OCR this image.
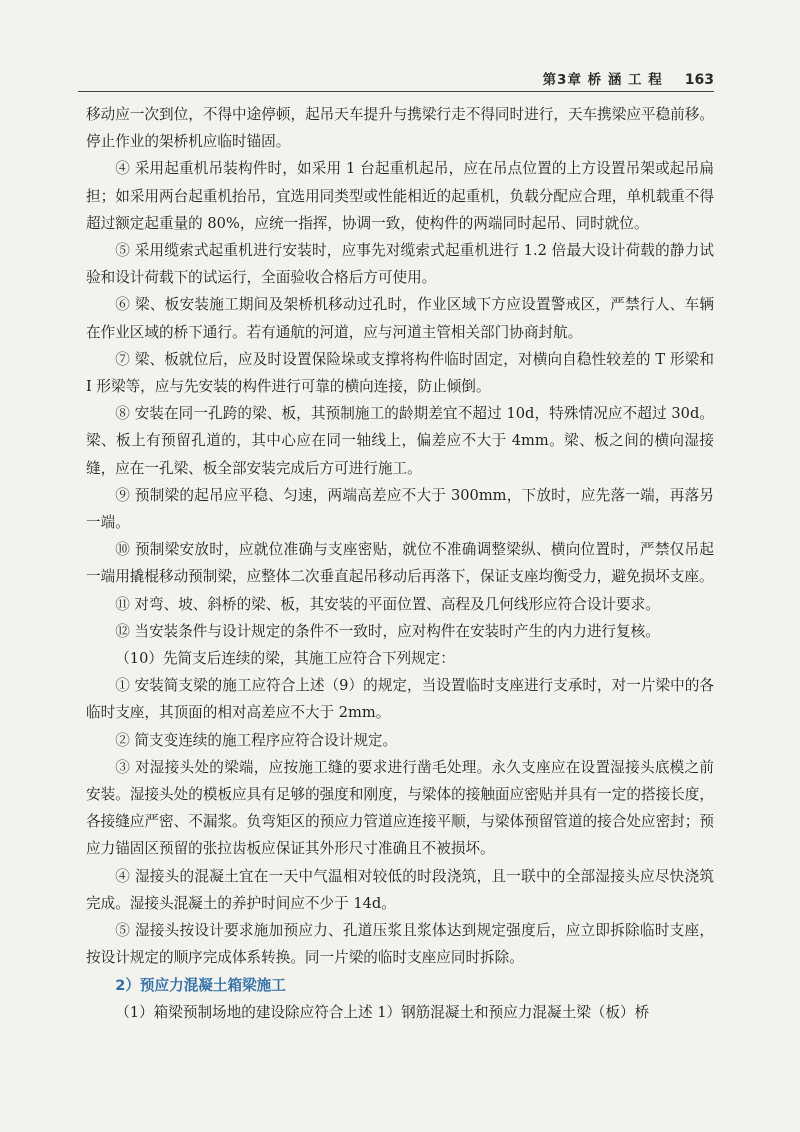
第3章 桥 涵 工 程 163

移动应一次到位，不得中途停顿，起吊天车提升与携梁行走不得同时进行，天车携梁应平稳前移。停止作业的架桥机应临时锚固。

④ 采用起重机吊装构件时，如采用 1 台起重机起吊，应在吊点位置的上方设置吊架或起吊扁担；如采用两台起重机抬吊，宜选用同类型或性能相近的起重机，负载分配应合理，单机载重不得超过额定起重量的 80%，应统一指挥，协调一致，使构件的两端同时起吊、同时就位。

⑤ 采用缆索式起重机进行安装时，应事先对缆索式起重机进行 1.2 倍最大设计荷载的静力试验和设计荷载下的试运行，全面验收合格后方可使用。

⑥ 梁、板安装施工期间及架桥机移动过孔时，作业区域下方应设置警戒区，严禁行人、车辆在作业区域的桥下通行。若有通航的河道，应与河道主管相关部门协商封航。

⑦ 梁、板就位后，应及时设置保险垛或支撑将构件临时固定，对横向自稳性较差的 T 形梁和 I 形梁等，应与先安装的构件进行可靠的横向连接，防止倾倒。

⑧ 安装在同一孔跨的梁、板，其预制施工的龄期差宜不超过 10d，特殊情况应不超过 30d。梁、板上有预留孔道的，其中心应在同一轴线上，偏差应不大于 4mm。梁、板之间的横向湿接缝，应在一孔梁、板全部安装完成后方可进行施工。

⑨ 预制梁的起吊应平稳、匀速，两端高差应不大于 300mm，下放时，应先落一端，再落另一端。

⑩ 预制梁安放时，应就位准确与支座密贴，就位不准确调整梁纵、横向位置时，严禁仅吊起一端用撬棍移动预制梁，应整体二次垂直起吊移动后再落下，保证支座均衡受力，避免损坏支座。

⑪ 对弯、坡、斜桥的梁、板，其安装的平面位置、高程及几何线形应符合设计要求。

⑫ 当安装条件与设计规定的条件不一致时，应对构件在安装时产生的内力进行复核。

（10）先简支后连续的梁，其施工应符合下列规定：

① 安装简支梁的施工应符合上述（9）的规定，当设置临时支座进行支承时，对一片梁中的各临时支座，其顶面的相对高差应不大于 2mm。

② 简支变连续的施工程序应符合设计规定。

③ 对湿接头处的梁端，应按施工缝的要求进行凿毛处理。永久支座应在设置湿接头底模之前安装。湿接头处的模板应具有足够的强度和刚度，与梁体的接触面应密贴并具有一定的搭接长度，各接缝应严密、不漏浆。负弯矩区的预应力管道应连接平顺，与梁体预留管道的接合处应密封；预应力锚固区预留的张拉齿板应保证其外形尺寸准确且不被损坏。

④ 湿接头的混凝土宜在一天中气温相对较低的时段浇筑，且一联中的全部湿接头应尽快浇筑完成。湿接头混凝土的养护时间应不少于 14d。

⑤ 湿接头按设计要求施加预应力、孔道压浆且浆体达到规定强度后，应立即拆除临时支座，按设计规定的顺序完成体系转换。同一片梁的临时支座应同时拆除。

2）预应力混凝土箱梁施工

（1）箱梁预制场地的建设除应符合上述 1）钢筋混凝土和预应力混凝土梁（板）桥
